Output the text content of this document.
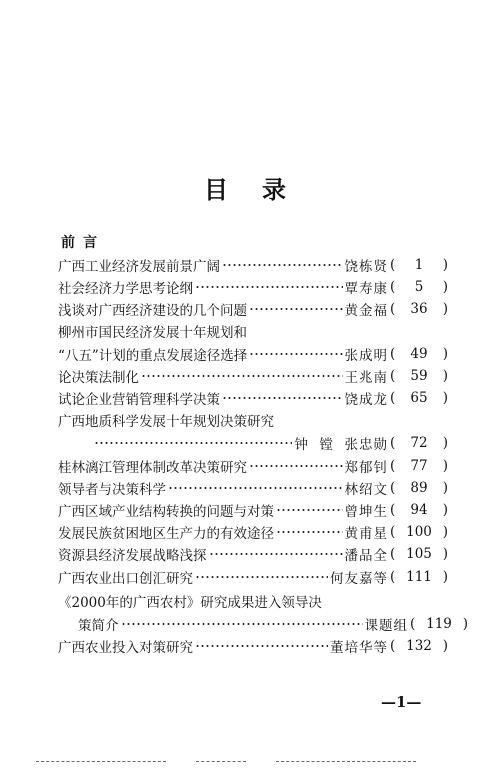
目录
前言
广西工业经济发展前景广阔	饶栋贤 (	1	)
社会经济力学思考论纲	覃寿康 (	5	)
浅谈对广西经济建设的几个问题	黄金福 (	36	)
柳州市国民经济发展十年规划和
“八五”计划的重点发展途径选择	张成明 (	49	)
论决策法制化	王兆南 (	59	)
试论企业营销管理科学决策	饶成龙 (	65	)
广西地质科学发展十年规划决策研究
钟  镗  张忠勋 (	72	)
桂林漓江管理体制改革决策研究	郑郁钊 (	77	)
领导者与决策科学	林绍文 (	89	)
广西区域产业结构转换的问题与对策	曾坤生 (	94	)
发展民族贫困地区生产力的有效途径	黄甫星 ( 100 )
资源县经济发展战略浅探	潘品全 ( 105 )
广西农业出口创汇研究	何友嘉等 ( 111 )
《2000年的广西农村》研究成果进入领导决
策简介	课题组 ( 119 )
广西农业投入对策研究	董培华等 ( 132 )
—1—
